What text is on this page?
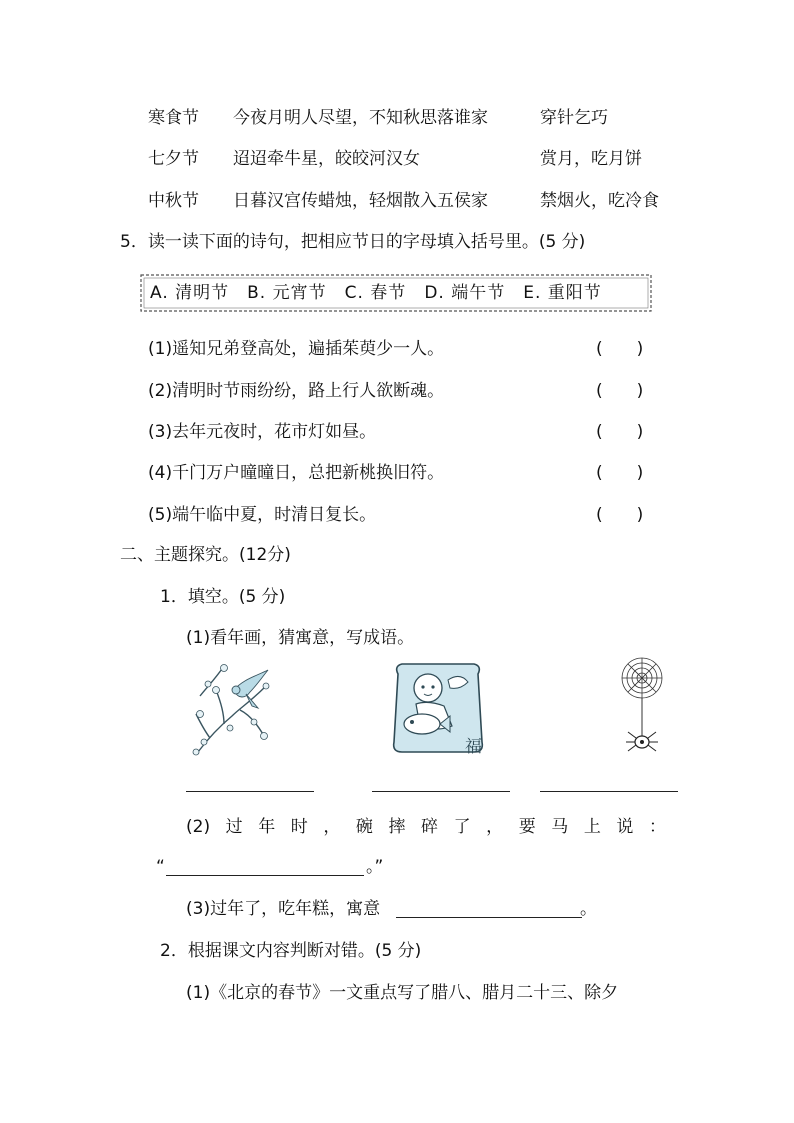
寒食节 今夜月明人尽望，不知秋思落谁家	穿针乞巧
七夕节 迢迢牵牛星，皎皎河汉女	赏月，吃月饼
中秋节 日暮汉宫传蜡烛，轻烟散入五侯家	禁烟火，吃冷食
5．读一读下面的诗句，把相应节日的字母填入括号里。(5 分)
A. 清明节 B. 元宵节 C. 春节 D. 端午节 E. 重阳节
(1)遥知兄弟登高处，遍插茱萸少一人。	(　　)
(2)清明时节雨纷纷，路上行人欲断魂。	(　　)
(3)去年元夜时，花市灯如昼。	(　　)
(4)千门万户曈曈日，总把新桃换旧符。	(　　)
(5)端午临中夏，时清日复长。	(　　)
二、主题探究。(12分)
1．填空。(5 分)
(1)看年画，猜寓意，写成语。
福
(2) 过 年 时 ， 碗 摔 碎 了 ， 要 马 上 说 ：
“	。”
(3)过年了，吃年糕，寓意	。
2．根据课文内容判断对错。(5 分)
(1)《北京的春节》一文重点写了腊八、腊月二十三、除夕
